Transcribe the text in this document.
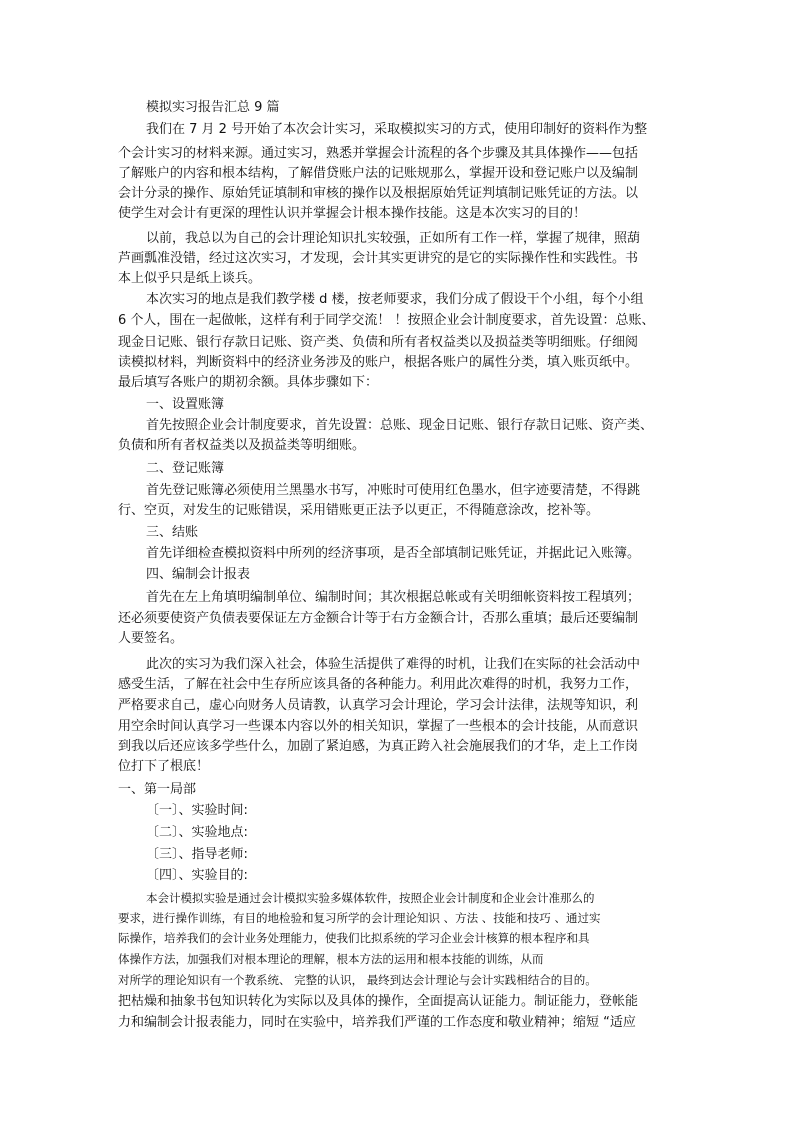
模拟实习报告汇总 9 篇
我们在 7 月 2 号开始了本次会计实习，采取模拟实习的方式，使用印制好的资料作为整
个会计实习的材料来源。通过实习，熟悉并掌握会计流程的各个步骤及其具体操作——包括
了解账户的内容和根本结构，了解借贷账户法的记账规那么，掌握开设和登记账户以及编制
会计分录的操作、原始凭证填制和审核的操作以及根据原始凭证判填制记账凭证的方法。以
使学生对会计有更深的理性认识并掌握会计根本操作技能。这是本次实习的目的！
以前，我总以为自己的会计理论知识扎实较强，正如所有工作一样，掌握了规律，照葫
芦画瓢准没错，经过这次实习，才发现，会计其实更讲究的是它的实际操作性和实践性。书
本上似乎只是纸上谈兵。
本次实习的地点是我们教学楼 d 楼，按老师要求，我们分成了假设干个小组，每个小组
6 个人，围在一起做帐，这样有利于同学交流！ ！按照企业会计制度要求，首先设置：总账、
现金日记账、银行存款日记账、资产类、负债和所有者权益类以及损益类等明细账。仔细阅
读模拟材料，判断资料中的经济业务涉及的账户，根据各账户的属性分类，填入账页纸中。
最后填写各账户的期初余额。具体步骤如下：
一、设置账簿
首先按照企业会计制度要求，首先设置：总账、现金日记账、银行存款日记账、资产类、
负债和所有者权益类以及损益类等明细账。
二、登记账簿
首先登记账簿必须使用兰黑墨水书写，冲账时可使用红色墨水，但字迹要清楚，不得跳
行、空页，对发生的记账错误，采用错账更正法予以更正，不得随意涂改，挖补等。
三、结账
首先详细检查模拟资料中所列的经济事项，是否全部填制记账凭证，并据此记入账簿。
四、编制会计报表
首先在左上角填明编制单位、编制时间；其次根据总帐或有关明细帐资料按工程填列；
还必须要使资产负债表要保证左方金额合计等于右方金额合计，否那么重填；最后还要编制
人要签名。
此次的实习为我们深入社会，体验生活提供了难得的时机，让我们在实际的社会活动中
感受生活，了解在社会中生存所应该具备的各种能力。利用此次难得的时机，我努力工作，
严格要求自己，虚心向财务人员请教，认真学习会计理论，学习会计法律，法规等知识，利
用空余时间认真学习一些课本内容以外的相关知识，掌握了一些根本的会计技能，从而意识
到我以后还应该多学些什么，加剧了紧迫感，为真正跨入社会施展我们的才华，走上工作岗
位打下了根底！
一、第一局部
〔一〕、实验时间:
〔二〕、实验地点:
〔三〕、指导老师:
〔四〕、实验目的:
本会计模拟实验是通过会计模拟实验多媒体软件，按照企业会计制度和企业会计准那么的
要求，进行操作训练，有目的地检验和复习所学的会计理论知识 、方法 、技能和技巧 、通过实
际操作，培养我们的会计业务处理能力，使我们比拟系统的学习企业会计核算的根本程序和具
体操作方法，加强我们对根本理论的理解，根本方法的运用和根本技能的训练，从而
对所学的理论知识有一个教系统、 完整的认识， 最终到达会计理论与会计实践相结合的目的。
把枯燥和抽象书包知识转化为实际以及具体的操作，全面提高认证能力。制证能力，登帐能
力和编制会计报表能力，同时在实验中，培养我们严谨的工作态度和敬业精神；缩短 “适应
